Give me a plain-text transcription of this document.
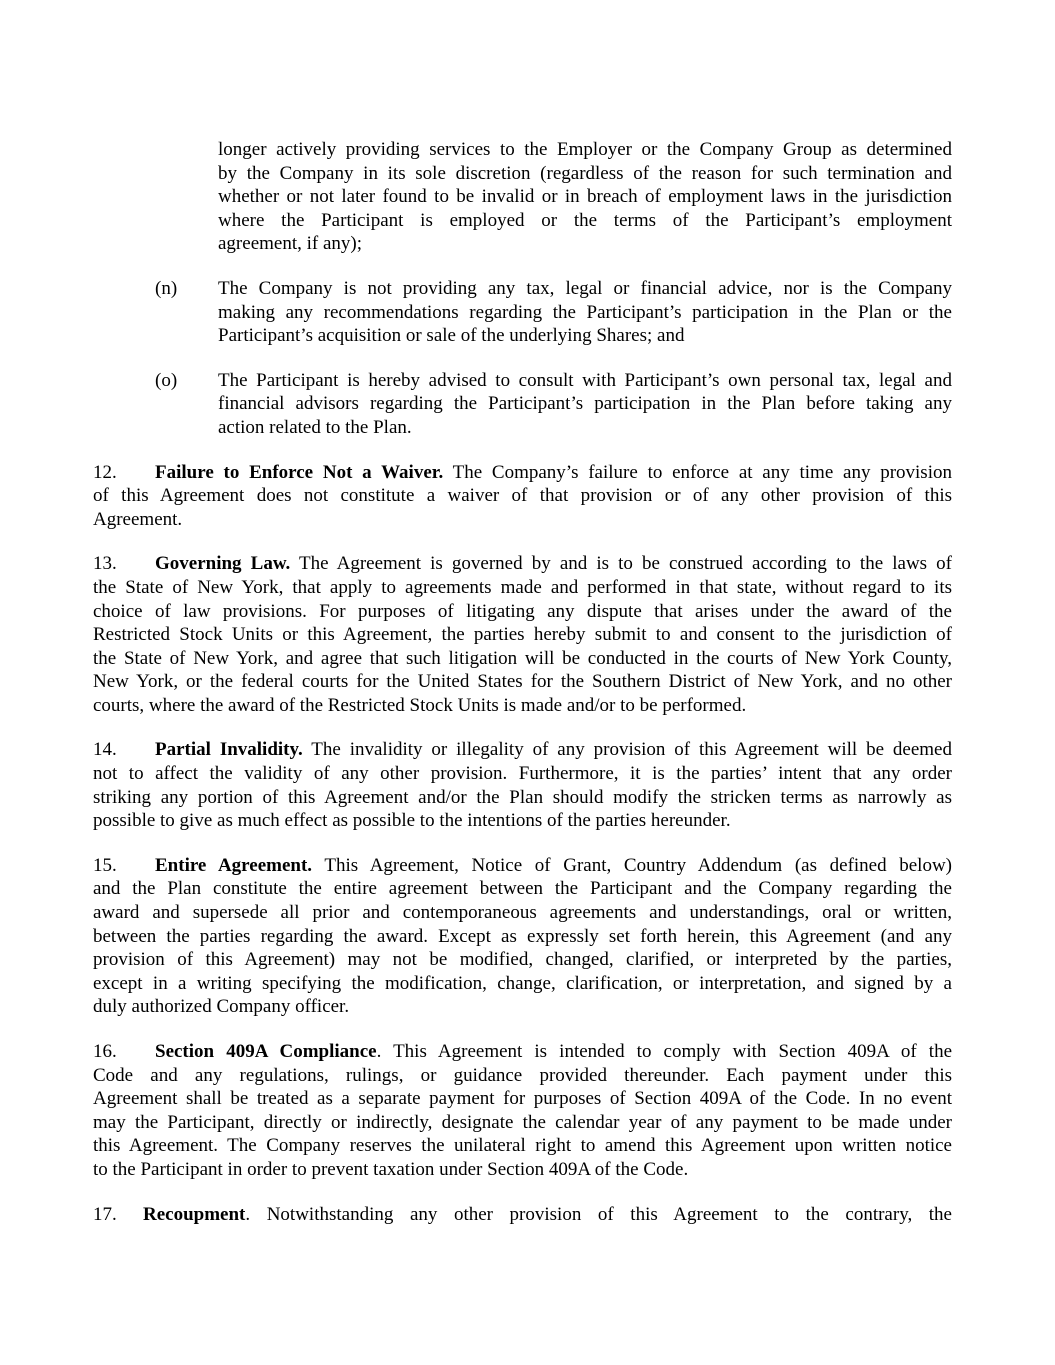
longer actively providing services to the Employer or the Company Group as determined
by the Company in its sole discretion (regardless of the reason for such termination and
whether or not later found to be invalid or in breach of employment laws in the jurisdiction
where the Participant is employed or the terms of the Participant’s employment
agreement, if any);
(n) The Company is not providing any tax, legal or financial advice, nor is the Company
making any recommendations regarding the Participant’s participation in the Plan or the
Participant’s acquisition or sale of the underlying Shares; and
(o) The Participant is hereby advised to consult with Participant’s own personal tax, legal and
financial advisors regarding the Participant’s participation in the Plan before taking any
action related to the Plan.
12. Failure to Enforce Not a Waiver. The Company’s failure to enforce at any time any provision
of this Agreement does not constitute a waiver of that provision or of any other provision of this
Agreement.
13. Governing Law. The Agreement is governed by and is to be construed according to the laws of
the State of New York, that apply to agreements made and performed in that state, without regard to its
choice of law provisions. For purposes of litigating any dispute that arises under the award of the
Restricted Stock Units or this Agreement, the parties hereby submit to and consent to the jurisdiction of
the State of New York, and agree that such litigation will be conducted in the courts of New York County,
New York, or the federal courts for the United States for the Southern District of New York, and no other
courts, where the award of the Restricted Stock Units is made and/or to be performed.
14. Partial Invalidity. The invalidity or illegality of any provision of this Agreement will be deemed
not to affect the validity of any other provision. Furthermore, it is the parties’ intent that any order
striking any portion of this Agreement and/or the Plan should modify the stricken terms as narrowly as
possible to give as much effect as possible to the intentions of the parties hereunder.
15. Entire Agreement. This Agreement, Notice of Grant, Country Addendum (as defined below)
and the Plan constitute the entire agreement between the Participant and the Company regarding the
award and supersede all prior and contemporaneous agreements and understandings, oral or written,
between the parties regarding the award. Except as expressly set forth herein, this Agreement (and any
provision of this Agreement) may not be modified, changed, clarified, or interpreted by the parties,
except in a writing specifying the modification, change, clarification, or interpretation, and signed by a
duly authorized Company officer.
16. Section 409A Compliance. This Agreement is intended to comply with Section 409A of the
Code and any regulations, rulings, or guidance provided thereunder. Each payment under this
Agreement shall be treated as a separate payment for purposes of Section 409A of the Code. In no event
may the Participant, directly or indirectly, designate the calendar year of any payment to be made under
this Agreement. The Company reserves the unilateral right to amend this Agreement upon written notice
to the Participant in order to prevent taxation under Section 409A of the Code.
17. Recoupment. Notwithstanding any other provision of this Agreement to the contrary, the
